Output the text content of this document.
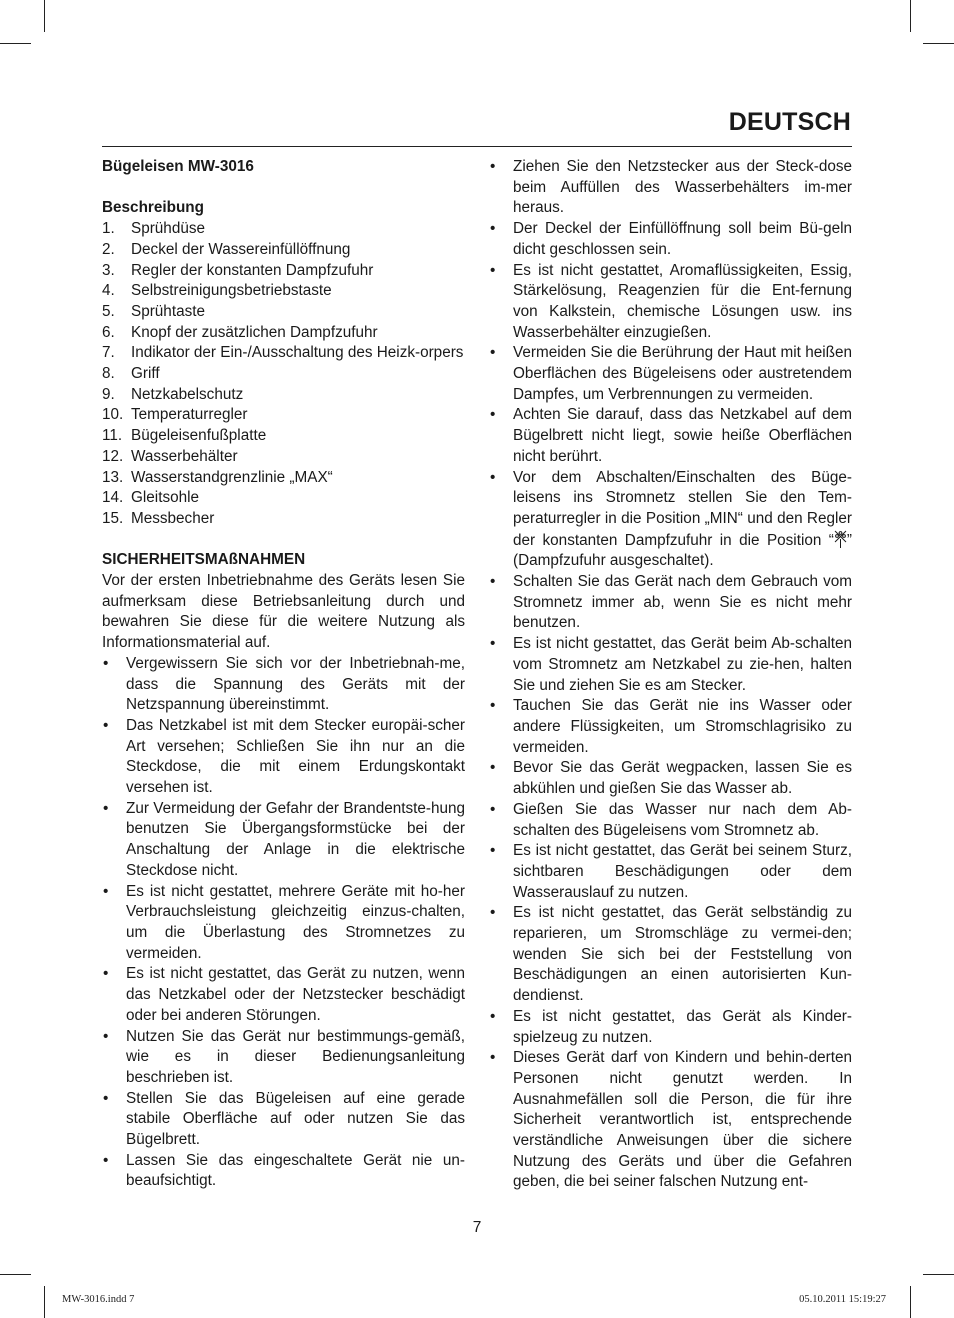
DEUTSCH
Bügeleisen MW-3016
Beschreibung
1.	Sprühdüse
2.	Deckel der Wassereinfüllöffnung
3.	Regler der konstanten Dampfzufuhr
4.	Selbstreinigungsbetriebstaste
5.	Sprühtaste
6.	Knopf der zusätzlichen Dampfzufuhr
7.	Indikator der Ein-/Ausschaltung des Heizk-orpers
8.	Griff
9.	Netzkabelschutz
10. Temperaturregler
11. Bügeleisenfußplatte
12. Wasserbehälter
13. Wasserstandgrenzlinie „MAX“
14. Gleitsohle
15. Messbecher
SICHERHEITSMAßNAHMEN
Vor der ersten Inbetriebnahme des Geräts lesen Sie aufmerksam diese Betriebsanleitung durch und bewahren Sie diese für die weitere Nutzung als Informationsmaterial auf.
•	Vergewissern Sie sich vor der Inbetriebnah-me, dass die Spannung des Geräts mit der Netzspannung übereinstimmt.
•	Das Netzkabel ist mit dem Stecker europäi-scher Art versehen; Schließen Sie ihn nur an die Steckdose, die mit einem Erdungskontakt versehen ist.
•	Zur Vermeidung der Gefahr der Brandentste-hung benutzen Sie Übergangsformstücke bei der Anschaltung der Anlage in die elektrische Steckdose nicht.
•	Es ist nicht gestattet, mehrere Geräte mit ho-her Verbrauchsleistung gleichzeitig einzus-chalten, um die Überlastung des Stromnetzes zu vermeiden.
•	Es ist nicht gestattet, das Gerät zu nutzen, wenn das Netzkabel oder der Netzstecker beschädigt oder bei anderen Störungen.
•	Nutzen Sie das Gerät nur bestimmungs-gemäß, wie es in dieser Bedienungsanleitung beschrieben ist.
•	Stellen Sie das Bügeleisen auf eine gerade stabile Oberfläche auf oder nutzen Sie das Bügelbrett.
•	Lassen Sie das eingeschaltete Gerät nie un-beaufsichtigt.
•	Ziehen Sie den Netzstecker aus der Steck-dose beim Auffüllen des Wasserbehälters im-mer heraus.
•	Der Deckel der Einfüllöffnung soll beim Bü-geln dicht geschlossen sein.
•	Es ist nicht gestattet, Aromaflüssigkeiten, Essig, Stärkelösung, Reagenzien für die Ent-fernung von Kalkstein, chemische Lösungen usw. ins Wasserbehälter einzugießen.
•	Vermeiden Sie die Berührung der Haut mit heißen Oberflächen des Bügeleisens oder austretendem Dampfes, um Verbrennungen zu vermeiden.
•	Achten Sie darauf, dass das Netzkabel auf dem Bügelbrett nicht liegt, sowie heiße Oberflächen nicht berührt.
•	Vor dem Abschalten/Einschalten des Büge-leisens ins Stromnetz stellen Sie den Tem-peraturregler in die Position „MIN“ und den Regler der konstanten Dampfzufuhr in die Position “ ” (Dampfzufuhr ausgeschaltet).
•	Schalten Sie das Gerät nach dem Gebrauch vom Stromnetz immer ab, wenn Sie es nicht mehr benutzen.
•	Es ist nicht gestattet, das Gerät beim Ab-schalten vom Stromnetz am Netzkabel zu zie-hen, halten Sie und ziehen Sie es am Stecker.
•	Tauchen Sie das Gerät nie ins Wasser oder andere Flüssigkeiten, um Stromschlagrisiko zu vermeiden.
•	Bevor Sie das Gerät wegpacken, lassen Sie es abkühlen und gießen Sie das Wasser ab.
•	Gießen Sie das Wasser nur nach dem Ab-schalten des Bügeleisens vom Stromnetz ab.
•	Es ist nicht gestattet, das Gerät bei seinem Sturz, sichtbaren Beschädigungen oder dem Wasserauslauf zu nutzen.
•	Es ist nicht gestattet, das Gerät selbständig zu reparieren, um Stromschläge zu vermei-den; wenden Sie sich bei der Feststellung von Beschädigungen an einen autorisierten Kun-dendienst.
•	Es ist nicht gestattet, das Gerät als Kinder-spielzeug zu nutzen.
•	Dieses Gerät darf von Kindern und behin-derten Personen nicht genutzt werden. In Ausnahmefällen soll die Person, die für ihre Sicherheit verantwortlich ist, entsprechende verständliche Anweisungen über die sichere Nutzung des Geräts und über die Gefahren geben, die bei seiner falschen Nutzung ent-
7
MW-3016.indd 7	05.10.2011 15:19:27
